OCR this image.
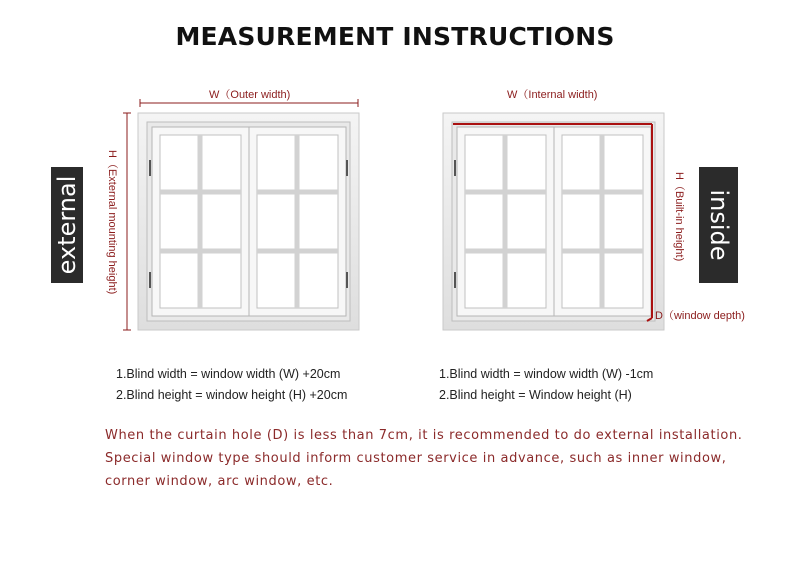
MEASUREMENT INSTRUCTIONS
W（Outer width)
H（External mounting height)
external
W（Internal width)
H（Built-in height) inside
D（window depth)
1.Blind width = window width (W) +20cm
2.Blind height = window height (H) +20cm
1.Blind width = window width (W) -1cm
2.Blind height = Window height (H)
When the curtain hole (D) is less than 7cm, it is recommended to do external installation.
Special window type should inform customer service in advance, such as inner window,
corner window, arc window, etc.
